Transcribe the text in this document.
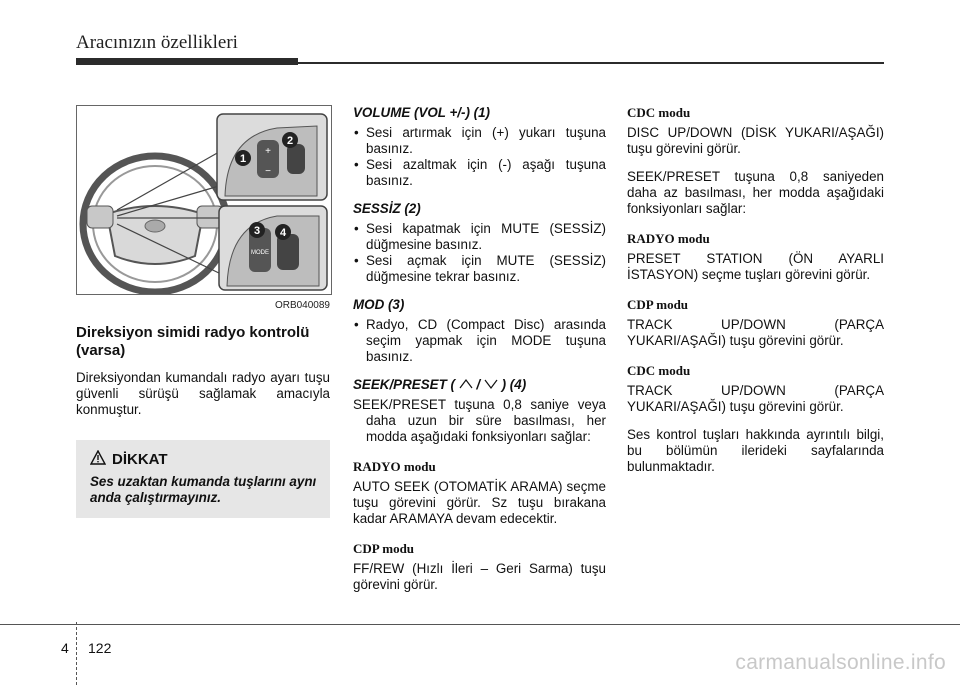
Aracınızın özellikleri
+
−
1
2
MODE
3 4
ORB040089
Direksiyon simidi radyo kontrolü (varsa)

Direksiyondan kumandalı radyo ayarı tuşu güvenli sürüşü sağlamak amacıyla konmuştur.

DİKKAT
Ses uzaktan kumanda tuşlarını aynı anda çalıştırmayınız.
VOLUME (VOL +/-) (1)
• Sesi artırmak için (+) yukarı tuşuna basınız.
• Sesi azaltmak için (-) aşağı tuşuna basınız.
SESSİZ (2)
• Sesi kapatmak için MUTE (SESSİZ) düğmesine basınız.
• Sesi açmak için MUTE (SESSİZ) düğmesine tekrar basınız.
MOD (3)
• Radyo, CD (Compact Disc) arasında seçim yapmak için MODE tuşuna basınız.
SEEK/PRESET ( / ) (4)

SEEK/PRESET tuşuna 0,8 saniye veya daha uzun bir süre basılması, her modda aşağıdaki fonksiyonları sağlar:

RADYO modu

AUTO SEEK (OTOMATİK ARAMA) seçme tuşu görevini görür. Sz tuşu bırakana kadar ARAMAYA devam edecektir.

CDP modu

FF/REW (Hızlı İleri – Geri Sarma) tuşu görevini görür.

CDC modu

DISC UP/DOWN (DİSK YUKARI/AŞAĞI) tuşu görevini görür.

SEEK/PRESET tuşuna 0,8 saniyeden daha az basılması, her modda aşağıdaki fonksiyonları sağlar:

RADYO modu

PRESET STATION (ÖN AYARLI İSTASYON) seçme tuşları görevini görür.

CDP modu

TRACK UP/DOWN (PARÇA YUKARI/AŞAĞI) tuşu görevini görür.

CDC modu

TRACK UP/DOWN (PARÇA YUKARI/AŞAĞI) tuşu görevini görür.

Ses kontrol tuşları hakkında ayrıntılı bilgi, bu bölümün ilerideki sayfalarında bulunmaktadır.

4 122
carmanualsonline.info
